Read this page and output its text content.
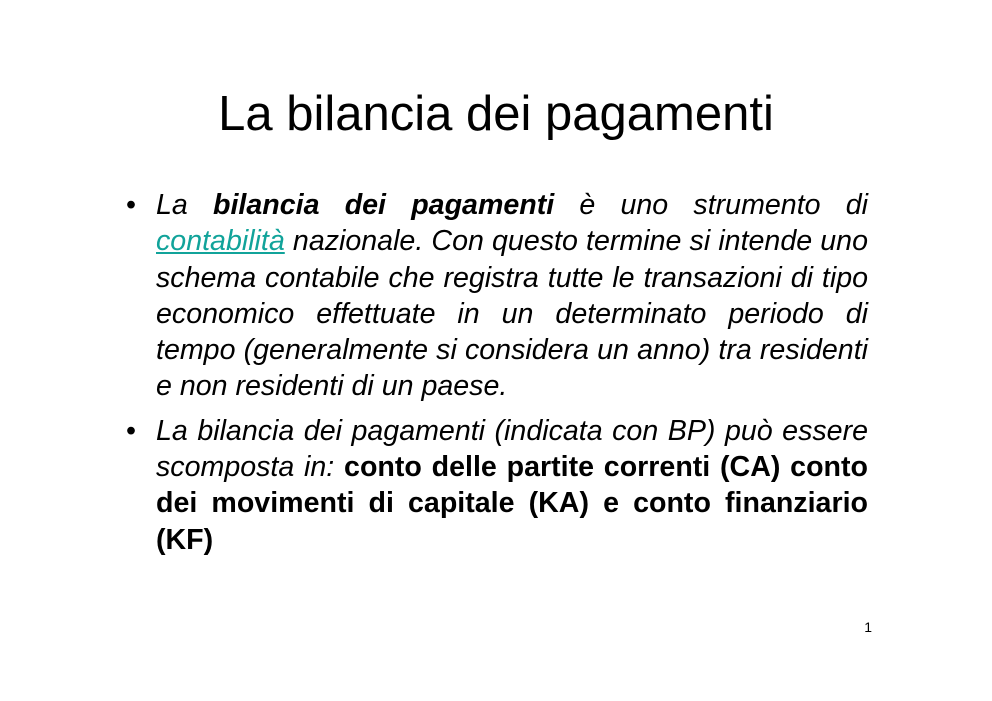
La bilancia dei pagamenti
• La bilancia dei pagamenti è uno strumento di contabilità nazionale. Con questo termine si intende uno schema contabile che registra tutte le transazioni di tipo economico effettuate in un determinato periodo di tempo (generalmente si considera un anno) tra residenti e non residenti di un paese.
• La bilancia dei pagamenti (indicata con BP) può essere scomposta in: conto delle partite correnti (CA) conto dei movimenti di capitale (KA) e conto finanziario (KF)
1
